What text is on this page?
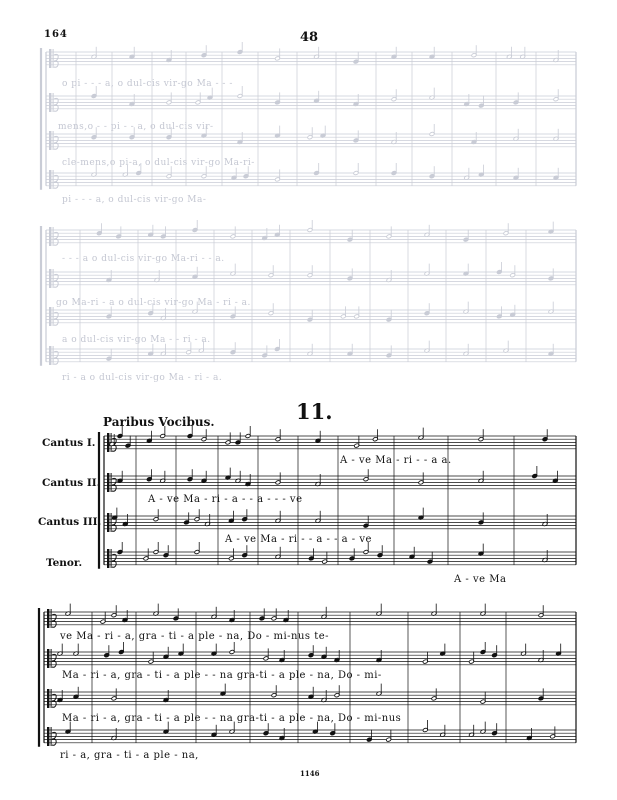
164	48
o pi - - - a, o dul-cis vir-go Ma - - -
mens,o - - pi - - a, o dul-cis vir-
cle-mens,o pi-a, o dul-cis vir-go Ma-ri-
pi - - - a, o dul-cis vir-go Ma-
- - - a o dul-cis vir-go Ma-ri - - a.
go Ma-ri - a o dul-cis vir-go Ma - ri - a.
a o dul-cis vir-go Ma - - ri - a.
ri - a o dul-cis vir-go Ma - ri - a.
11.
Paribus Vocibus.
Cantus I.
Cantus II.
Cantus III.
Tenor.
A - ve Ma - ri - - a a.
A - ve Ma - ri - a - - a - - - ve
A - ve Ma - ri - - a - - a - ve
A - ve Ma
ve Ma - ri - a, gra - ti - a ple - na, Do - mi-nus te-
Ma - ri - a, gra - ti - a ple - - na gra-ti - a ple - na, Do - mi-
Ma - ri - a, gra - ti - a ple - - na gra-ti - a ple - na, Do - mi-nus
ri - a, gra - ti - a ple - na,
1146
